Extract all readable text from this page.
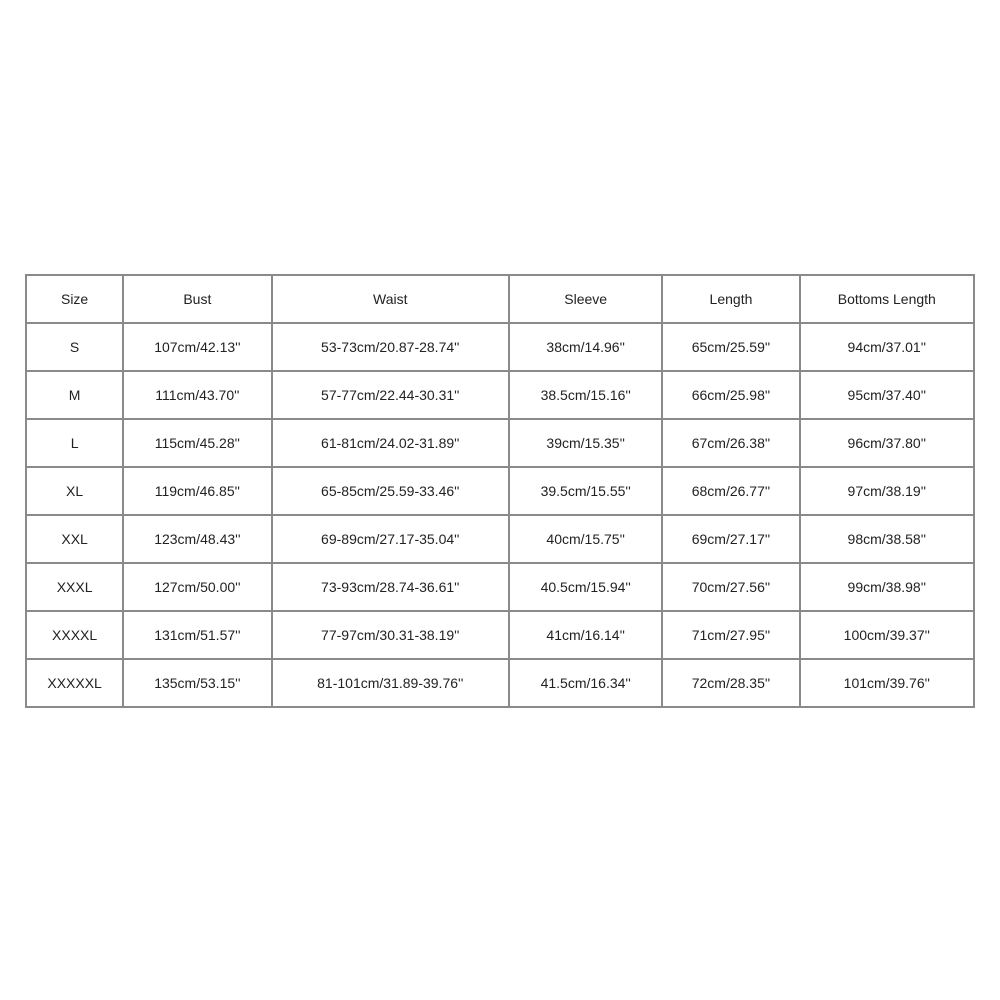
Size	Bust	Waist	Sleeve	Length	Bottoms Length
S	107cm/42.13''	53-73cm/20.87-28.74''	38cm/14.96''	65cm/25.59''	94cm/37.01''
M	111cm/43.70''	57-77cm/22.44-30.31''	38.5cm/15.16''	66cm/25.98''	95cm/37.40''
L	115cm/45.28''	61-81cm/24.02-31.89''	39cm/15.35''	67cm/26.38''	96cm/37.80''
XL	119cm/46.85''	65-85cm/25.59-33.46''	39.5cm/15.55''	68cm/26.77''	97cm/38.19''
XXL	123cm/48.43''	69-89cm/27.17-35.04''	40cm/15.75''	69cm/27.17''	98cm/38.58''
XXXL	127cm/50.00''	73-93cm/28.74-36.61''	40.5cm/15.94''	70cm/27.56''	99cm/38.98''
XXXXL	131cm/51.57''	77-97cm/30.31-38.19''	41cm/16.14''	71cm/27.95''	100cm/39.37''
XXXXXL	135cm/53.15''	81-101cm/31.89-39.76''	41.5cm/16.34''	72cm/28.35''	101cm/39.76''
